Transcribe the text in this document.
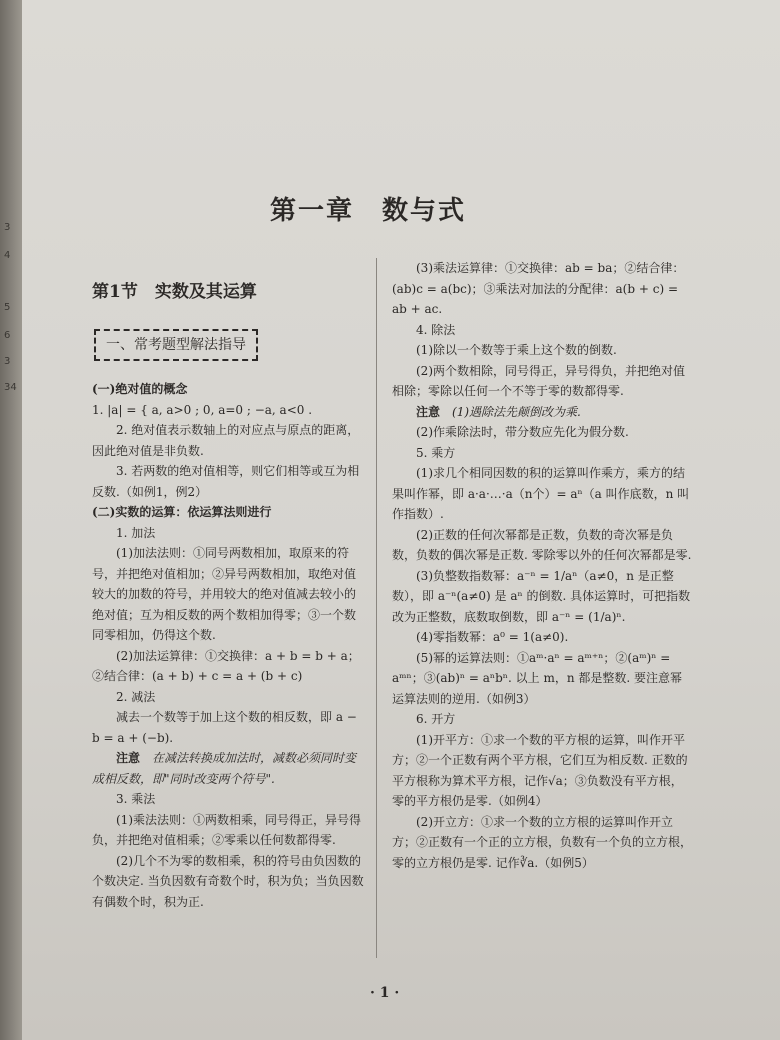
3
4
5
6
3
34
第一章　数与式

第1节　实数及其运算

一、常考题型解法指导

(一)绝对值的概念

1. |a| = { a, a>0 ; 0, a=0 ; −a, a<0 .

2. 绝对值表示数轴上的对应点与原点的距离，因此绝对值是非负数.

3. 若两数的绝对值相等，则它们相等或互为相反数.（如例1，例2）

(二)实数的运算：依运算法则进行

1. 加法

(1)加法法则：①同号两数相加，取原来的符号，并把绝对值相加；②异号两数相加，取绝对值较大的加数的符号，并用较大的绝对值减去较小的绝对值；互为相反数的两个数相加得零；③一个数同零相加，仍得这个数.

(2)加法运算律：①交换律：a + b = b + a；②结合律：(a + b) + c = a + (b + c)

2. 减法

减去一个数等于加上这个数的相反数，即 a − b = a + (−b).

注意　 在减法转换成加法时，减数必须同时变成相反数，即"同时改变两个符号".

3. 乘法

(1)乘法法则：①两数相乘，同号得正，异号得负，并把绝对值相乘；②零乘以任何数都得零.

(2)几个不为零的数相乘，积的符号由负因数的个数决定. 当负因数有奇数个时，积为负；当负因数有偶数个时，积为正.

(3)乘法运算律：①交换律：ab = ba；②结合律：(ab)c = a(bc)；③乘法对加法的分配律：a(b + c) = ab + ac.

4. 除法

(1)除以一个数等于乘上这个数的倒数.

(2)两个数相除，同号得正，异号得负，并把绝对值相除；零除以任何一个不等于零的数都得零.

注意　 (1)遇除法先颠倒改为乘.

(2)作乘除法时，带分数应先化为假分数.

5. 乘方

(1)求几个相同因数的积的运算叫作乘方，乘方的结果叫作幂，即 a·a·…·a（n个）= aⁿ（a 叫作底数，n 叫作指数）.

(2)正数的任何次幂都是正数，负数的奇次幂是负数，负数的偶次幂是正数. 零除零以外的任何次幂都是零.

(3)负整数指数幂：a⁻ⁿ = 1/aⁿ（a≠0，n 是正整数），即 a⁻ⁿ(a≠0) 是 aⁿ 的倒数. 具体运算时，可把指数改为正整数，底数取倒数，即 a⁻ⁿ = (1/a)ⁿ.

(4)零指数幂：a⁰ = 1(a≠0).

(5)幂的运算法则：①aᵐ·aⁿ = aᵐ⁺ⁿ；②(aᵐ)ⁿ = aᵐⁿ；③(ab)ⁿ = aⁿbⁿ. 以上 m，n 都是整数. 要注意幂运算法则的逆用.（如例3）

6. 开方

(1)开平方：①求一个数的平方根的运算，叫作开平方；②一个正数有两个平方根，它们互为相反数. 正数的平方根称为算术平方根，记作√a；③负数没有平方根，零的平方根仍是零.（如例4）

(2)开立方：①求一个数的立方根的运算叫作开立方；②正数有一个正的立方根，负数有一个负的立方根，零的立方根仍是零. 记作∛a.（如例5）

· 1 ·
